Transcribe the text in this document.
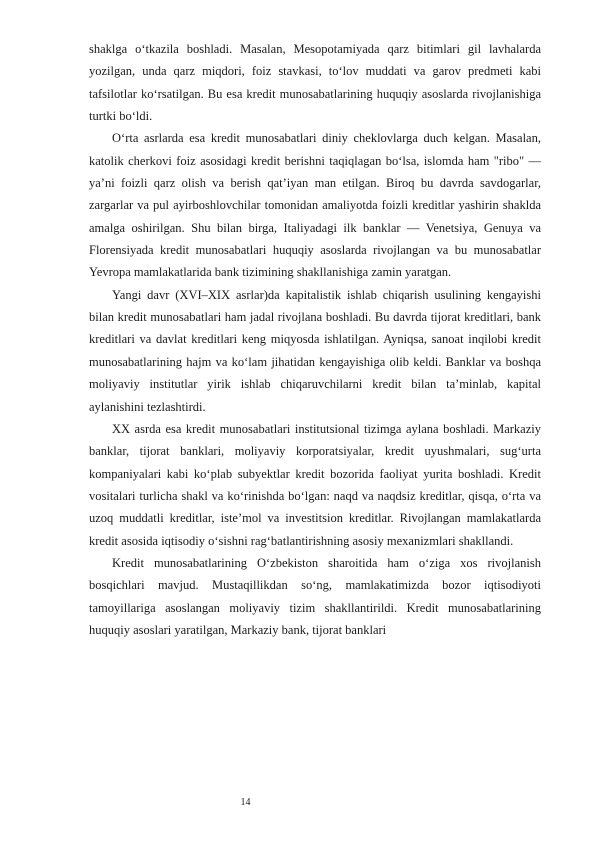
shaklga o‘tkazila boshladi. Masalan, Mesopotamiyada qarz bitimlari gil lavhalarda yozilgan, unda qarz miqdori, foiz stavkasi, to‘lov muddati va garov predmeti kabi tafsilotlar ko‘rsatilgan. Bu esa kredit munosabatlarining huquqiy asoslarda rivojlanishiga turtki bo‘ldi.

O‘rta asrlarda esa kredit munosabatlari diniy cheklovlarga duch kelgan. Masalan, katolik cherkovi foiz asosidagi kredit berishni taqiqlagan bo‘lsa, islomda ham "ribo" — ya’ni foizli qarz olish va berish qat’iyan man etilgan. Biroq bu davrda savdogarlar, zargarlar va pul ayirboshlovchilar tomonidan amaliyotda foizli kreditlar yashirin shaklda amalga oshirilgan. Shu bilan birga, Italiyadagi ilk banklar — Venetsiya, Genuya va Florensiyada kredit munosabatlari huquqiy asoslarda rivojlangan va bu munosabatlar Yevropa mamlakatlarida bank tizimining shakllanishiga zamin yaratgan.

Yangi davr (XVI–XIX asrlar)da kapitalistik ishlab chiqarish usulining kengayishi bilan kredit munosabatlari ham jadal rivojlana boshladi. Bu davrda tijorat kreditlari, bank kreditlari va davlat kreditlari keng miqyosda ishlatilgan. Ayniqsa, sanoat inqilobi kredit munosabatlarining hajm va ko‘lam jihatidan kengayishiga olib keldi. Banklar va boshqa moliyaviy institutlar yirik ishlab chiqaruvchilarni kredit bilan ta’minlab, kapital aylanishini tezlashtirdi.

XX asrda esa kredit munosabatlari institutsional tizimga aylana boshladi. Markaziy banklar, tijorat banklari, moliyaviy korporatsiyalar, kredit uyushmalari, sug‘urta kompaniyalari kabi ko‘plab subyektlar kredit bozorida faoliyat yurita boshladi. Kredit vositalari turlicha shakl va ko‘rinishda bo‘lgan: naqd va naqdsiz kreditlar, qisqa, o‘rta va uzoq muddatli kreditlar, iste’mol va investitsion kreditlar. Rivojlangan mamlakatlarda kredit asosida iqtisodiy o‘sishni rag‘batlantirishning asosiy mexanizmlari shakllandi.

Kredit munosabatlarining O‘zbekiston sharoitida ham o‘ziga xos rivojlanish bosqichlari mavjud. Mustaqillikdan so‘ng, mamlakatimizda bozor iqtisodiyoti tamoyillariga asoslangan moliyaviy tizim shakllantirildi. Kredit munosabatlarining huquqiy asoslari yaratilgan, Markaziy bank, tijorat banklari

14
